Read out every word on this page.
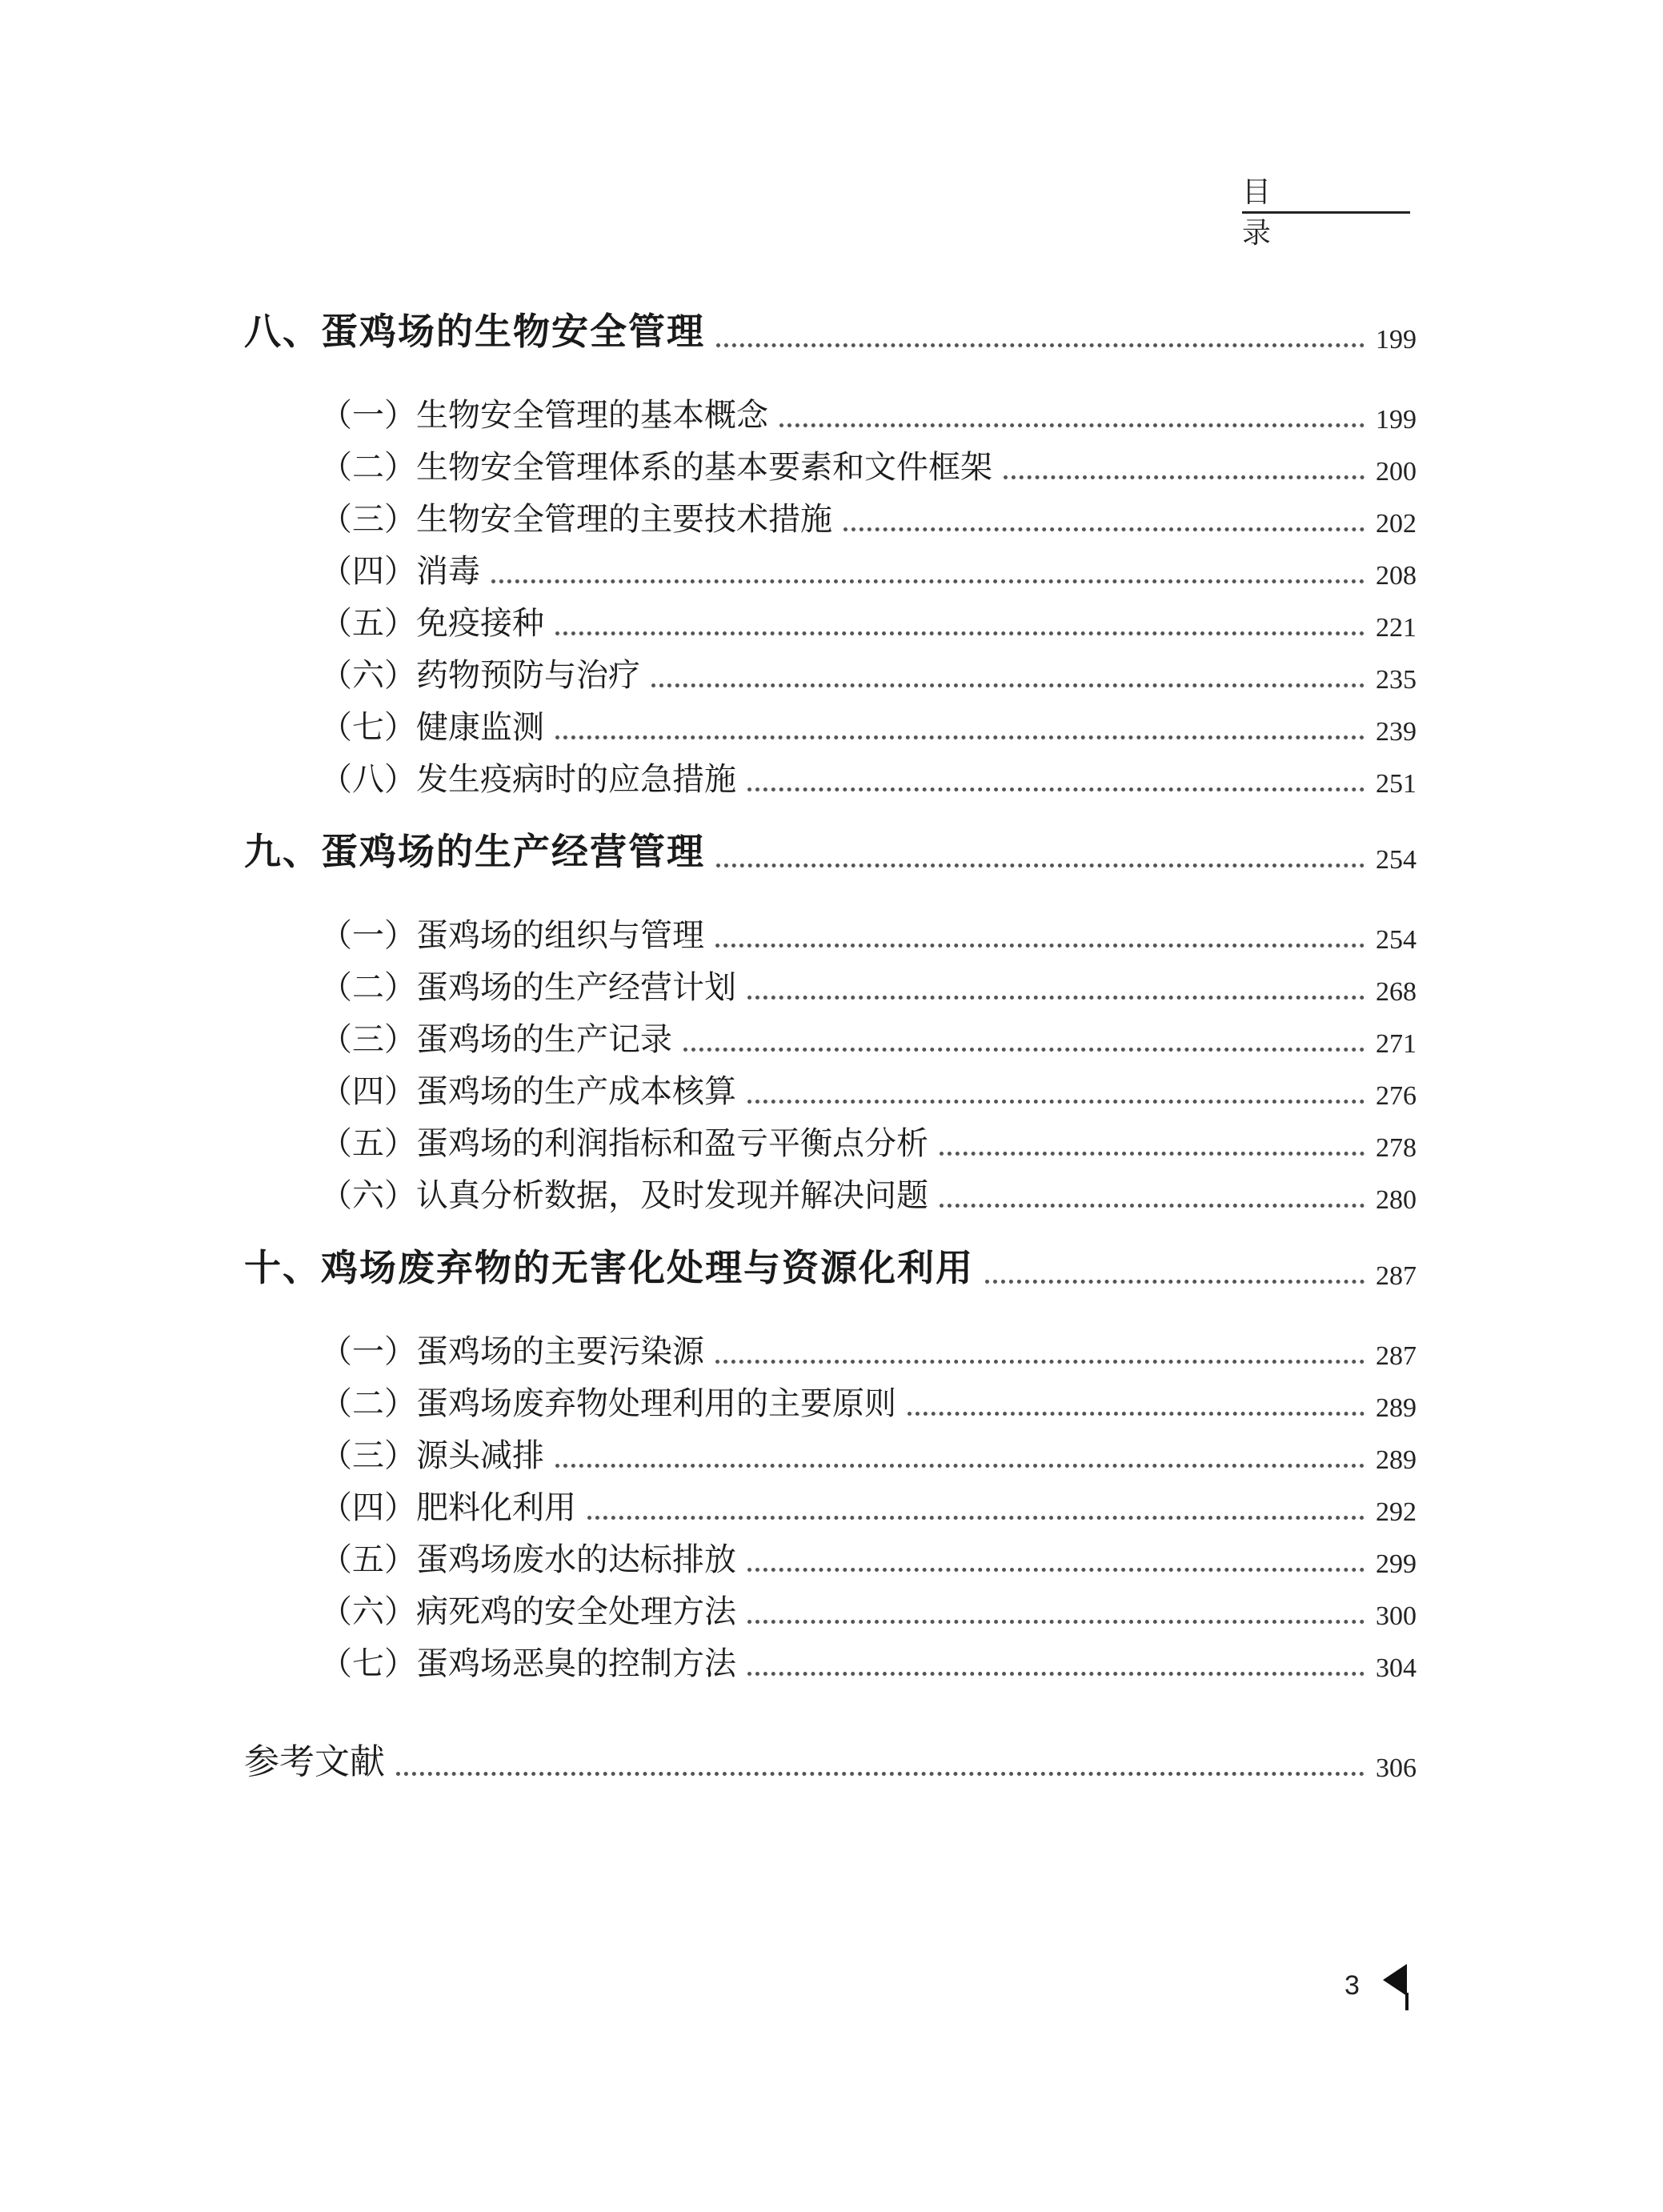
目 录
八、蛋鸡场的生物安全管理	199
（一）生物安全管理的基本概念	199
（二）生物安全管理体系的基本要素和文件框架	200
（三）生物安全管理的主要技术措施	202
（四）消毒	208
（五）免疫接种	221
（六）药物预防与治疗	235
（七）健康监测	239
（八）发生疫病时的应急措施	251
九、蛋鸡场的生产经营管理	254
（一）蛋鸡场的组织与管理	254
（二）蛋鸡场的生产经营计划	268
（三）蛋鸡场的生产记录	271
（四）蛋鸡场的生产成本核算	276
（五）蛋鸡场的利润指标和盈亏平衡点分析	278
（六）认真分析数据，及时发现并解决问题	280
十、鸡场废弃物的无害化处理与资源化利用	287
（一）蛋鸡场的主要污染源	287
（二）蛋鸡场废弃物处理利用的主要原则	289
（三）源头减排	289
（四）肥料化利用	292
（五）蛋鸡场废水的达标排放	299
（六）病死鸡的安全处理方法	300
（七）蛋鸡场恶臭的控制方法	304
参考文献	306
3
